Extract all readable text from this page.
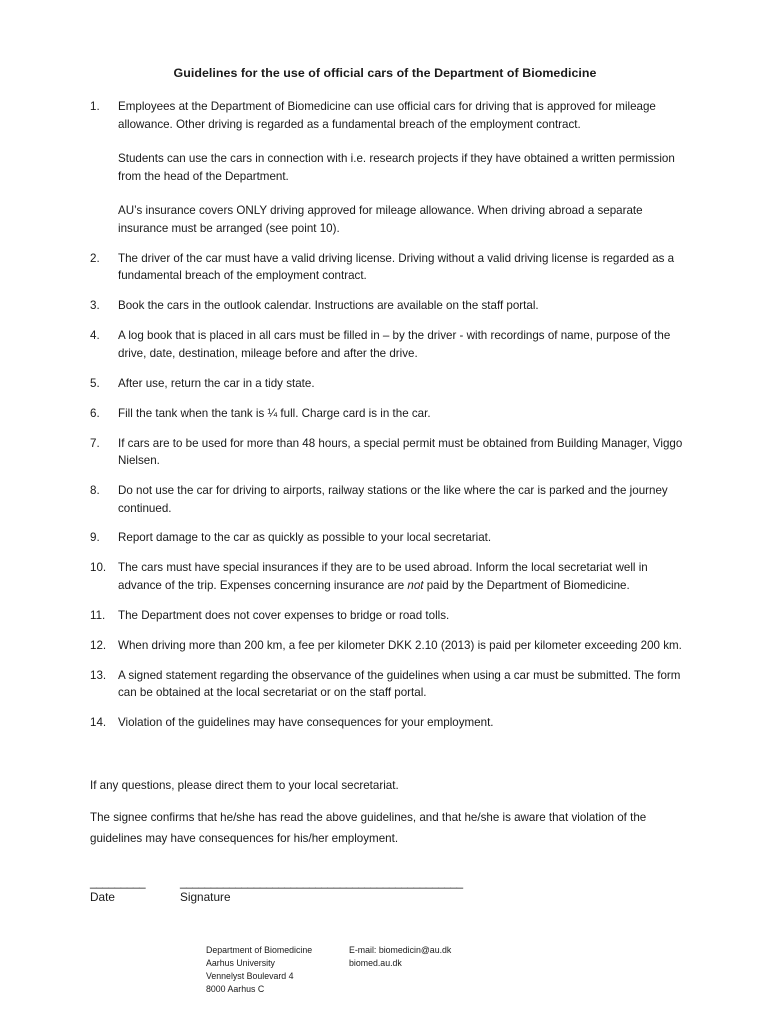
Guidelines for the use of official cars of the Department of Biomedicine
1. Employees at the Department of Biomedicine can use official cars for driving that is approved for mileage allowance. Other driving is regarded as a fundamental breach of the employment contract.

Students can use the cars in connection with i.e. research projects if they have obtained a written permission from the head of the Department.

AU’s insurance covers ONLY driving approved for mileage allowance. When driving abroad a separate insurance must be arranged (see point 10).

2. The driver of the car must have a valid driving license. Driving without a valid driving license is regarded as a fundamental breach of the employment contract.

3. Book the cars in the outlook calendar. Instructions are available on the staff portal.

4. A log book that is placed in all cars must be filled in – by the driver - with recordings of name, purpose of the drive, date, destination, mileage before and after the drive.

5. After use, return the car in a tidy state.

6. Fill the tank when the tank is ¼ full. Charge card is in the car.

7. If cars are to be used for more than 48 hours, a special permit must be obtained from Building Manager, Viggo Nielsen.

8. Do not use the car for driving to airports, railway stations or the like where the car is parked and the journey continued.

9. Report damage to the car as quickly as possible to your local secretariat.

10. The cars must have special insurances if they are to be used abroad. Inform the local secretariat well in advance of the trip. Expenses concerning insurance are not paid by the Department of Biomedicine.

11. The Department does not cover expenses to bridge or road tolls.

12. When driving more than 200 km, a fee per kilometer DKK 2.10 (2013) is paid per kilometer exceeding 200 km.

13. A signed statement regarding the observance of the guidelines when using a car must be submitted. The form can be obtained at the local secretariat or on the staff portal.

14. Violation of the guidelines may have consequences for your employment.

If any questions, please direct them to your local secretariat.

The signee confirms that he/she has read the above guidelines, and that he/she is aware that violation of the guidelines may have consequences for his/her employment.

_________	______________________________________________
Date	Signature
Department of Biomedicine
Aarhus University
Vennelyst Boulevard 4
8000 Aarhus C
E-mail: biomedicin@au.dk
biomed.au.dk
